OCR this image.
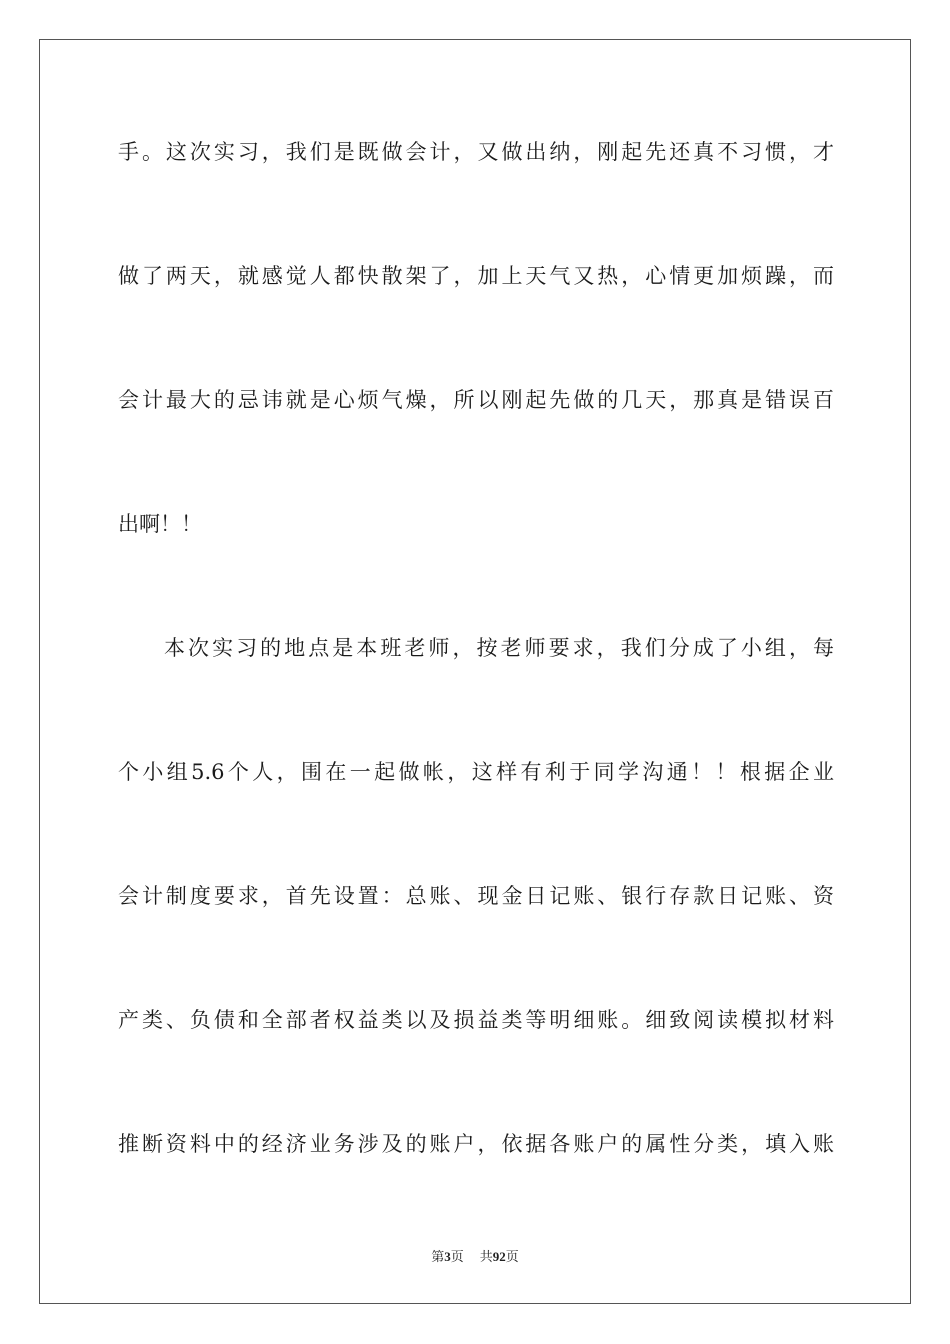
手。这次实习，我们是既做会计，又做出纳，刚起先还真不习惯，才
做了两天，就感觉人都快散架了，加上天气又热，心情更加烦躁，而
会计最大的忌讳就是心烦气燥，所以刚起先做的几天，那真是错误百
出啊！！
本次实习的地点是本班老师，按老师要求，我们分成了小组，每
个小组5.6个人，围在一起做帐，这样有利于同学沟通！！根据企业
会计制度要求，首先设置：总账、现金日记账、银行存款日记账、资
产类、负债和全部者权益类以及损益类等明细账。细致阅读模拟材料
推断资料中的经济业务涉及的账户，依据各账户的属性分类，填入账
第3页 共92页
